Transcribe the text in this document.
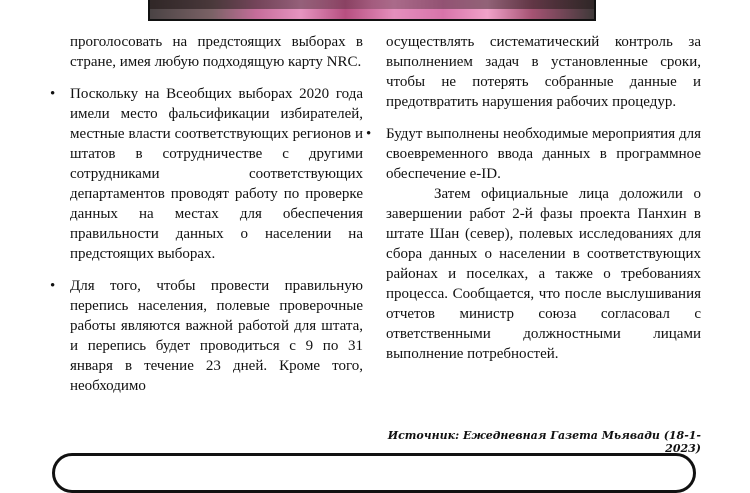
проголосовать на предстоящих выборах в стране, имея любую подходящую карту NRC.

• Поскольку на Всеобщих выборах 2020 года имели место фальсификации избирателей, местные власти соответствующих регионов и штатов в сотрудничестве с другими сотрудниками соответствующих департаментов проводят работу по проверке данных на местах для обеспечения правильности данных о населении на предстоящих выборах.
• Для того, чтобы провести правильную перепись населения, полевые проверочные работы являются важной работой для штата, и перепись будет проводиться с 9 по 31 января в течение 23 дней. Кроме того, необходимо

осуществлять систематический контроль за выполнением задач в установленные сроки, чтобы не потерять собранные данные и предотвратить нарушения рабочих процедур.

• Будут выполнены необходимые мероприятия для своевременного ввода данных в программное обеспечение e-ID.

Затем официальные лица доложили о завершении работ 2-й фазы проекта Панхин в штате Шан (север), полевых исследованиях для сбора данных о населении в соответствующих районах и поселках, а также о требованиях процесса. Сообщается, что после выслушивания отчетов министр союза согласовал с ответственными должностными лицами выполнение потребностей.

Источник: Ежедневная Газета Мьявади (18-1-2023)
